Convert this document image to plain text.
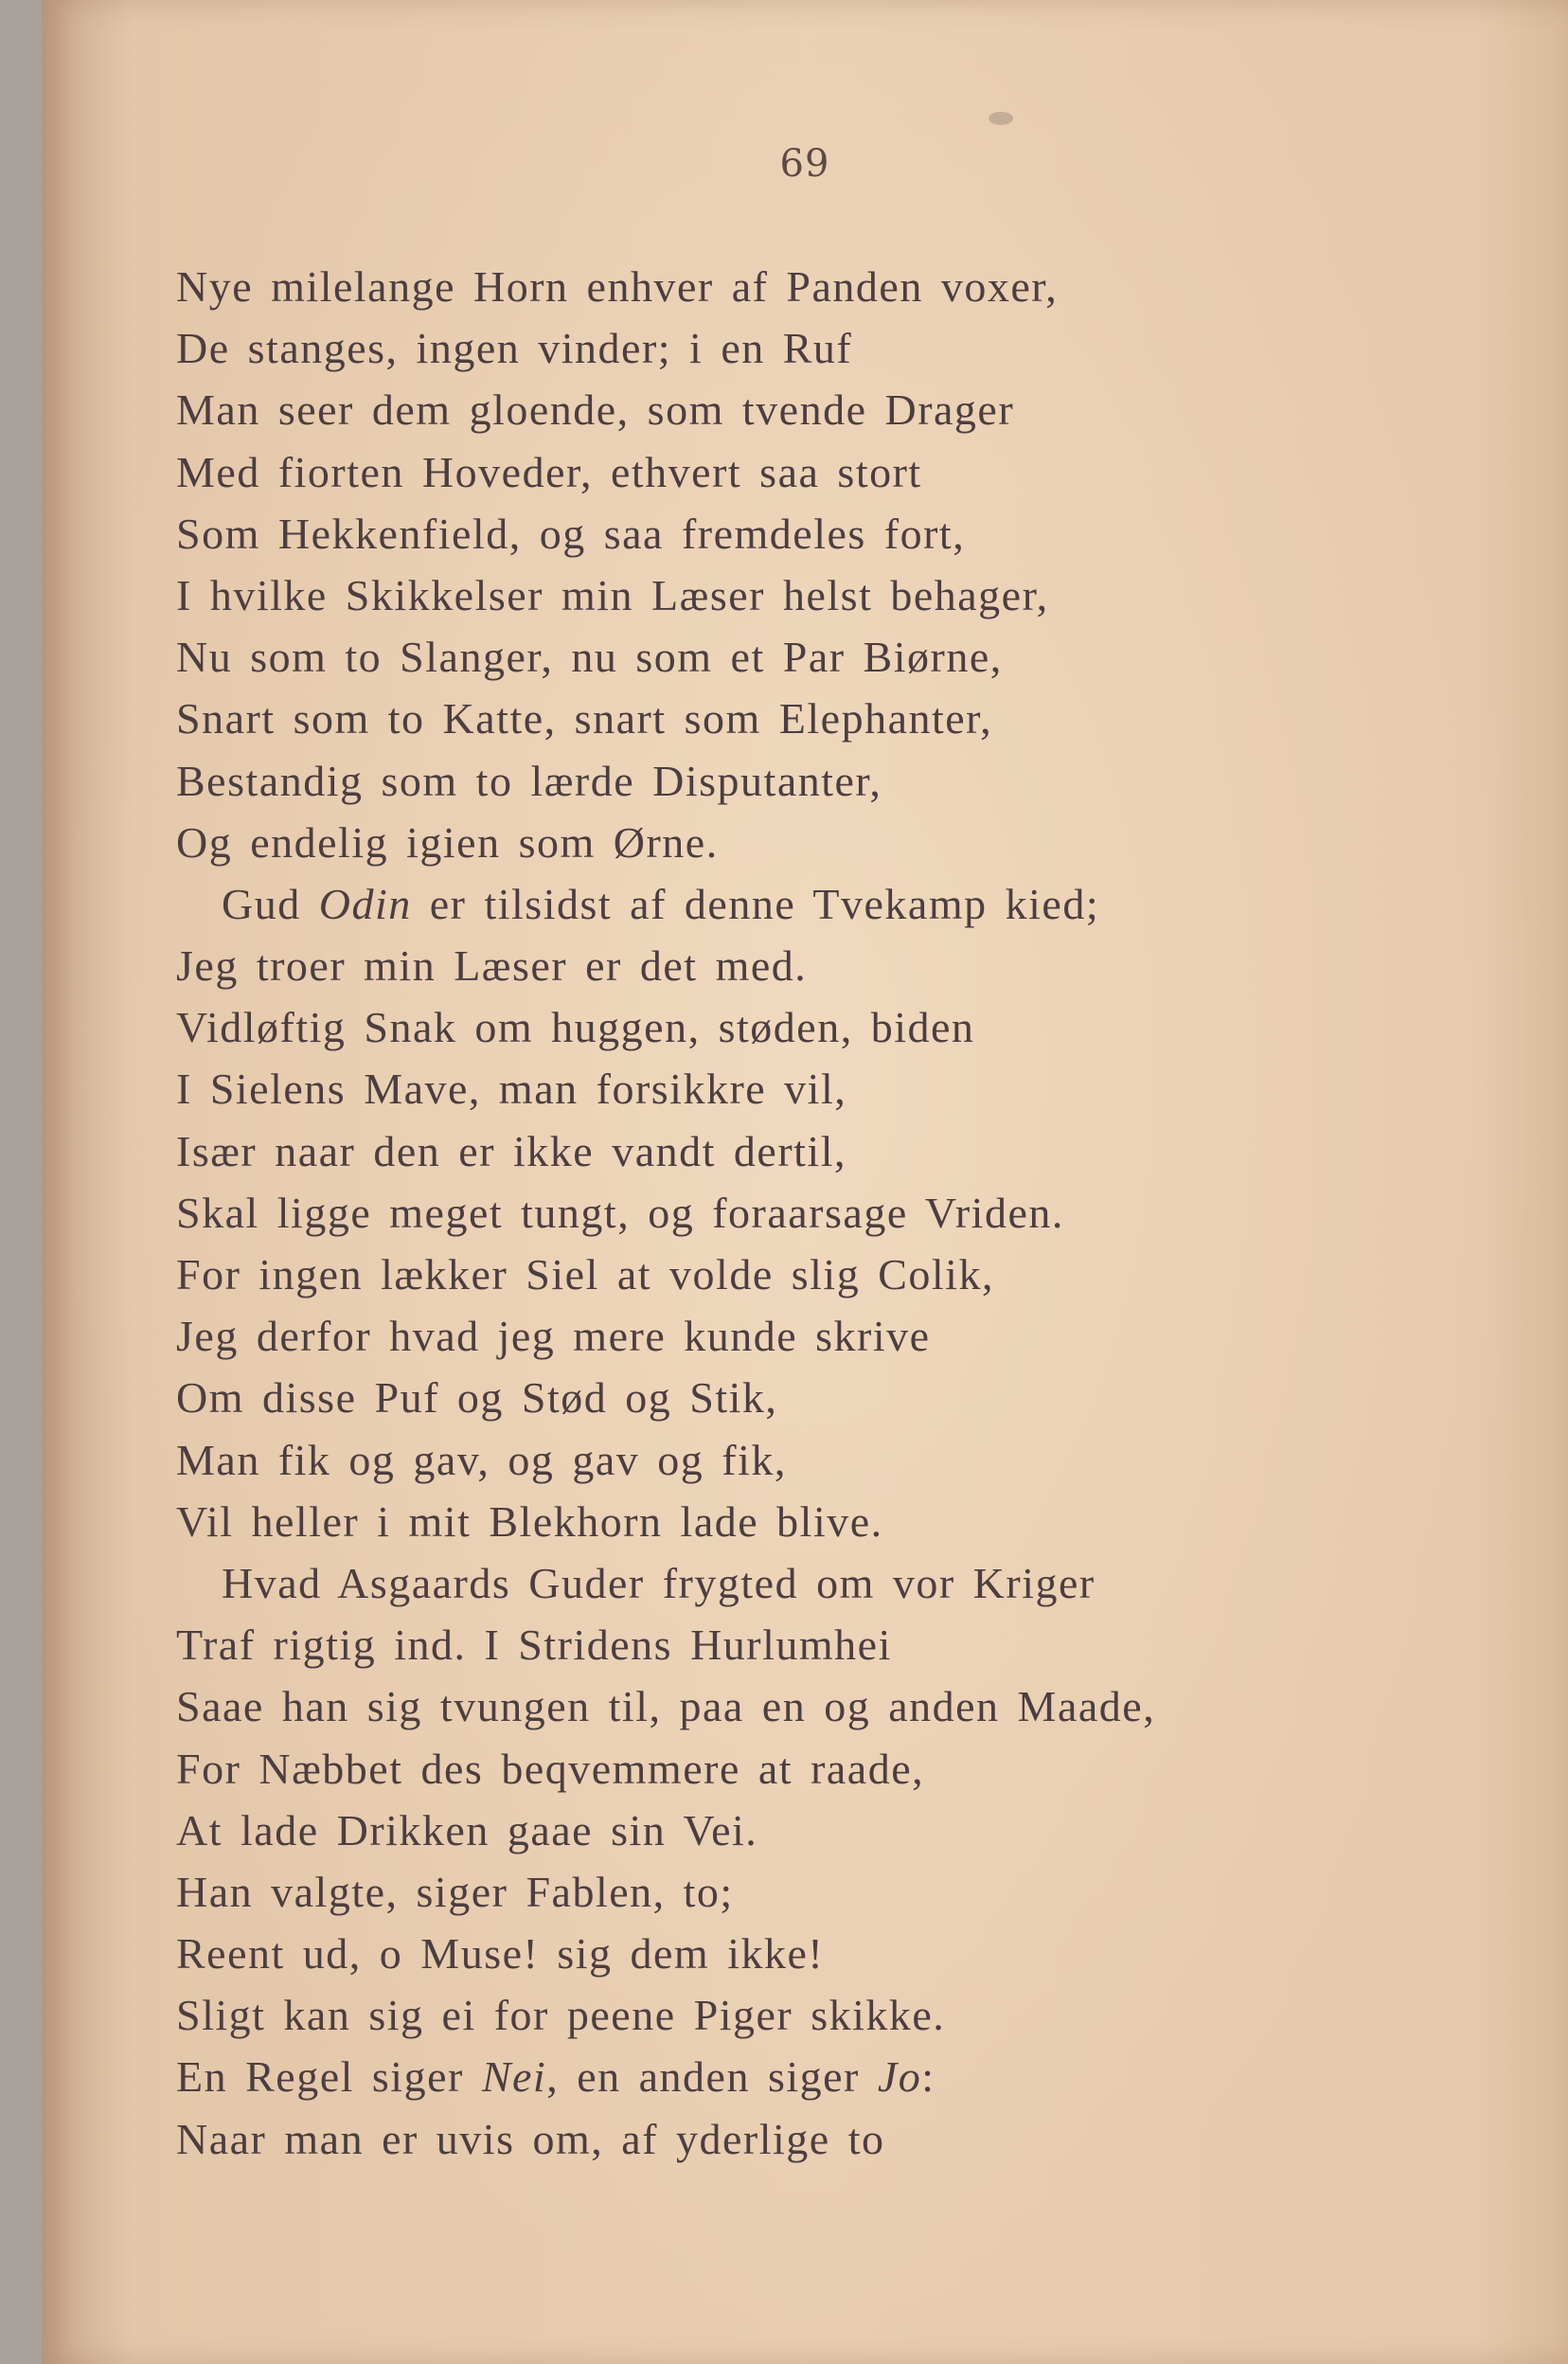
69
Nye milelange Horn enhver af Panden voxer,
De stanges, ingen vinder; i en Ruf
Man seer dem gloende, som tvende Drager
Med fiorten Hoveder, ethvert saa stort
Som Hekkenfield, og saa fremdeles fort,
I hvilke Skikkelser min Læser helst behager,
Nu som to Slanger, nu som et Par Biørne,
Snart som to Katte, snart som Elephanter,
Bestandig som to lærde Disputanter,
Og endelig igien som Ørne.
Gud Odin er tilsidst af denne Tvekamp kied;
Jeg troer min Læser er det med.
Vidløftig Snak om huggen, støden, biden
I Sielens Mave, man forsikkre vil,
Især naar den er ikke vandt dertil,
Skal ligge meget tungt, og foraarsage Vriden.
For ingen lækker Siel at volde slig Colik,
Jeg derfor hvad jeg mere kunde skrive
Om disse Puf og Stød og Stik,
Man fik og gav, og gav og fik,
Vil heller i mit Blekhorn lade blive.
Hvad Asgaards Guder frygted om vor Kriger
Traf rigtig ind. I Stridens Hurlumhei
Saae han sig tvungen til, paa en og anden Maade,
For Næbbet des beqvemmere at raade,
At lade Drikken gaae sin Vei.
Han valgte, siger Fablen, to;
Reent ud, o Muse! sig dem ikke!
Sligt kan sig ei for peene Piger skikke.
En Regel siger Nei, en anden siger Jo:
Naar man er uvis om, af yderlige to
